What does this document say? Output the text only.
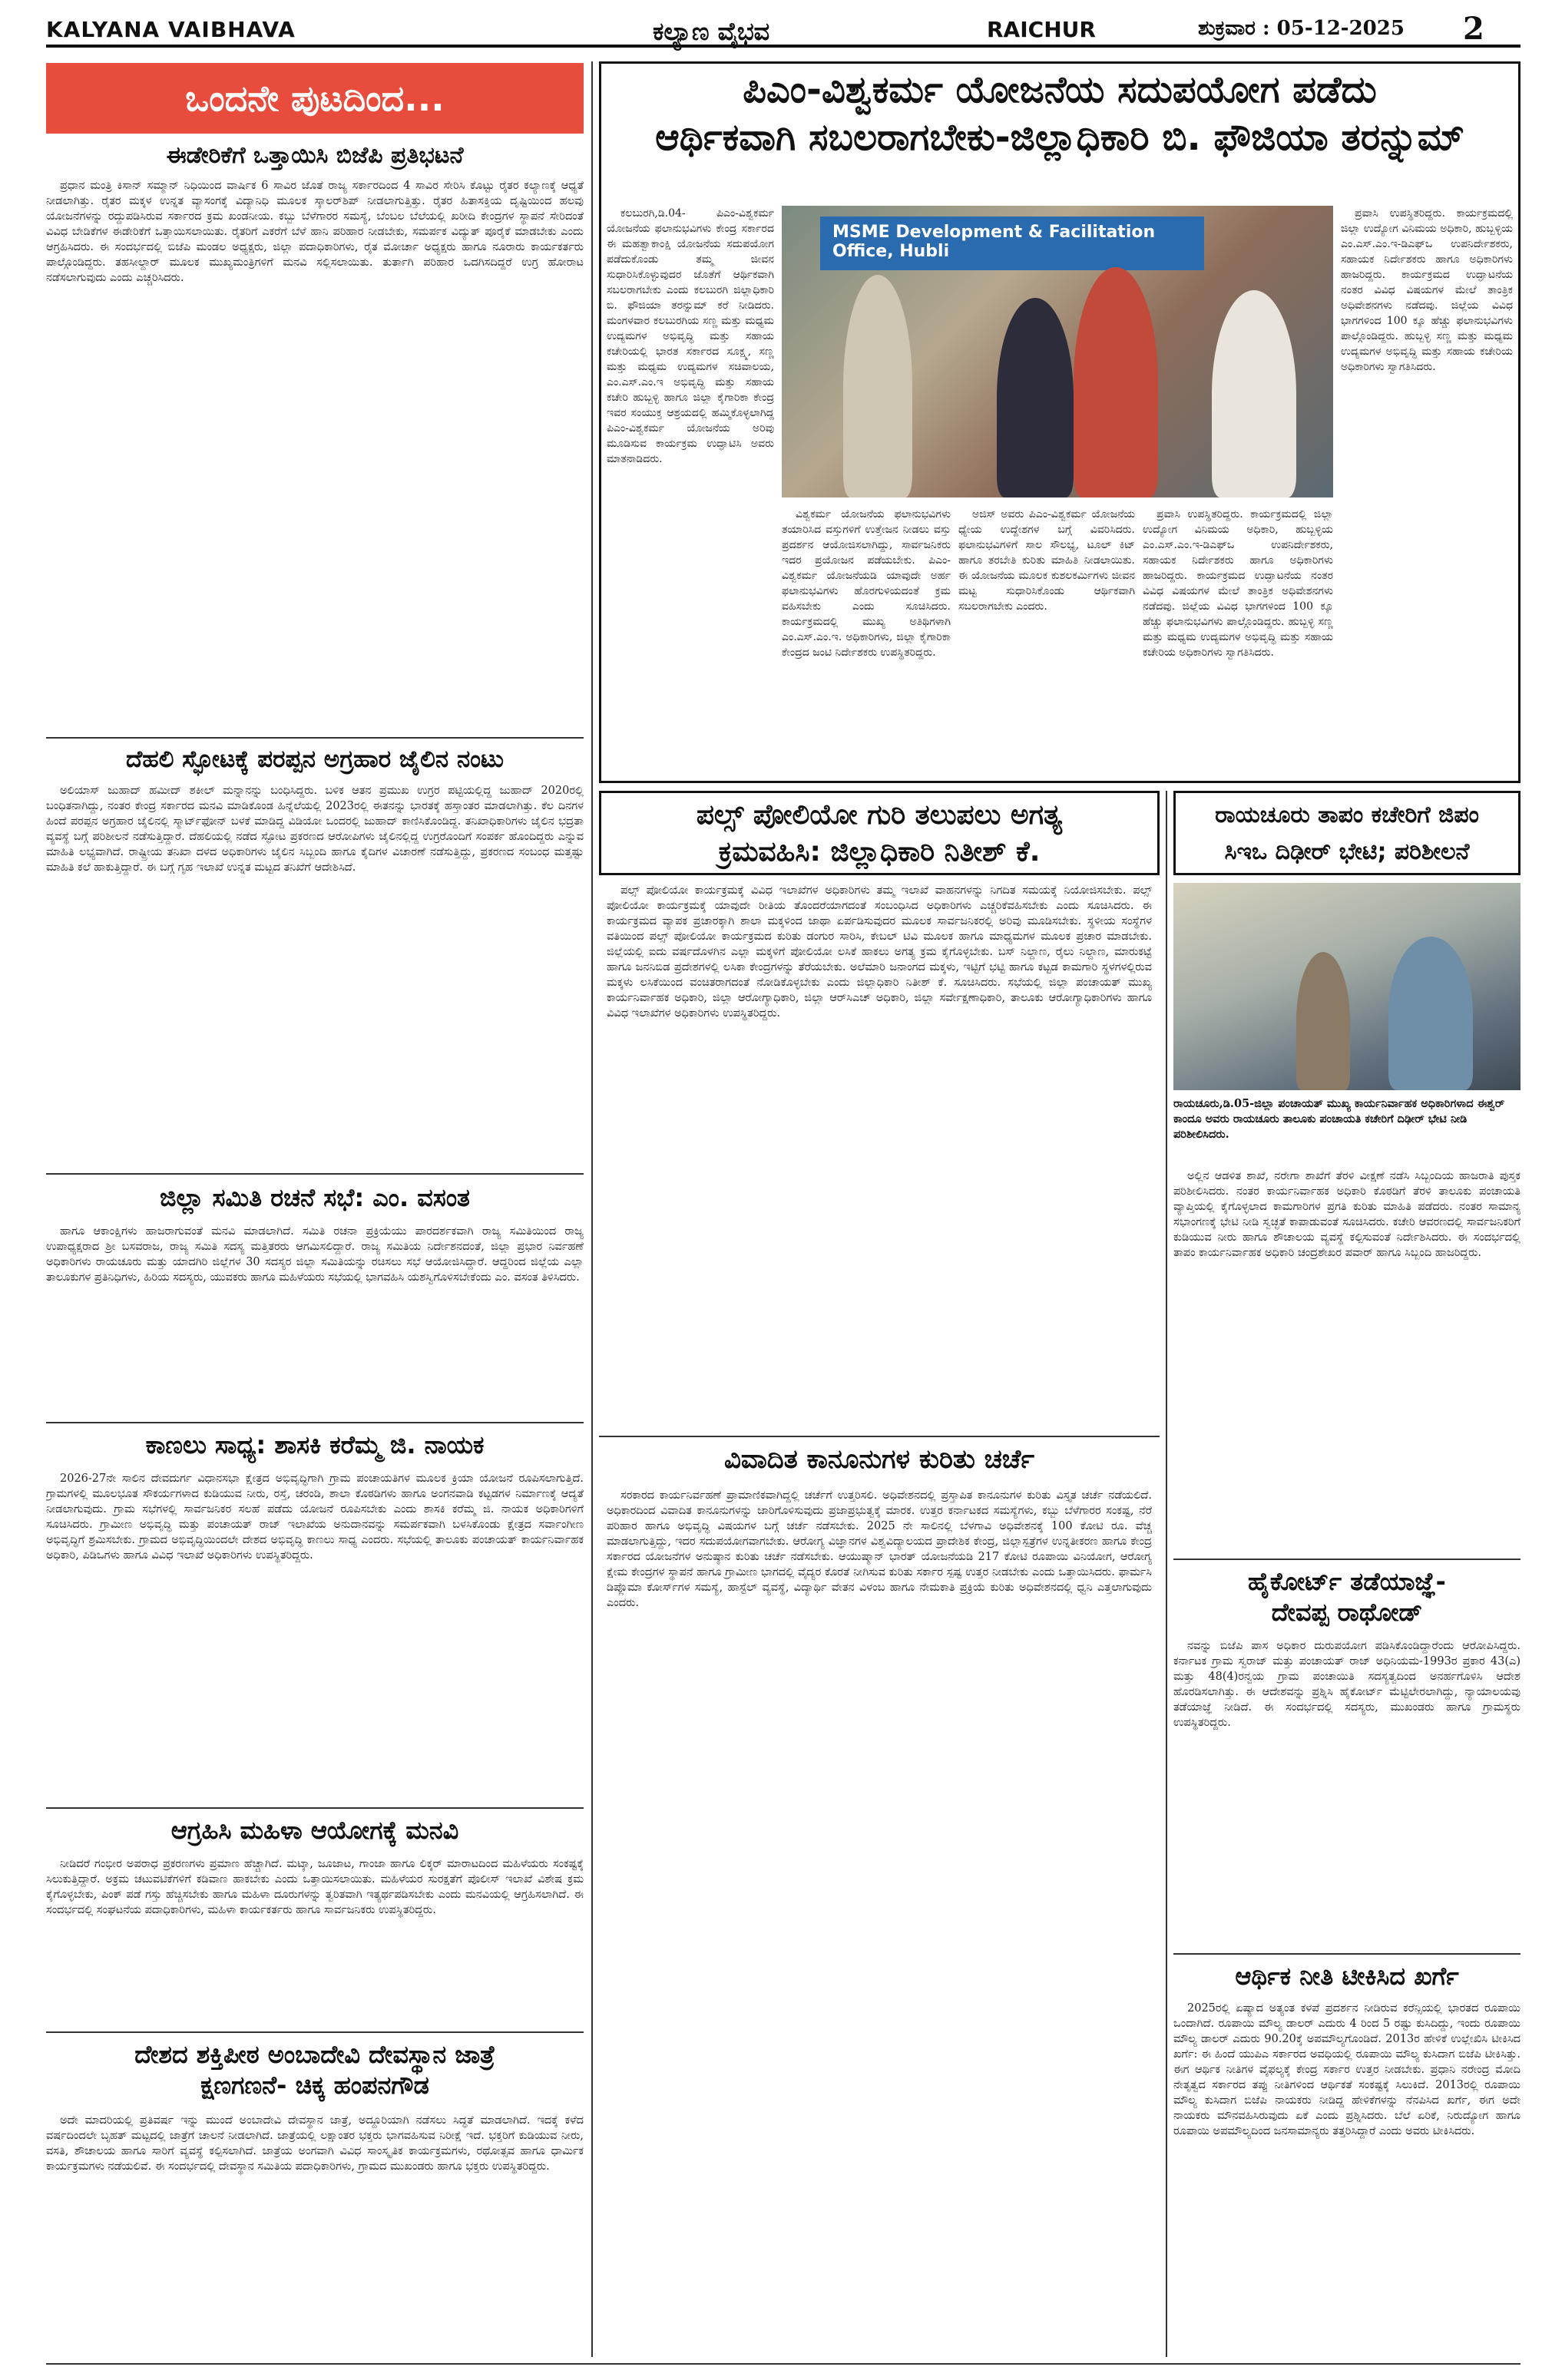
KALYANA VAIBHAVA	ಕಲ್ಯಾಣ ವೈಭವ	RAICHUR	ಶುಕ್ರವಾರ : 05-12-2025 2
ಒಂದನೇ ಪುಟದಿಂದ...
ಈಡೇರಿಕೆಗೆ ಒತ್ತಾಯಿಸಿ ಬಿಜೆಪಿ ಪ್ರತಿಭಟನೆ

ಪ್ರಧಾನ ಮಂತ್ರಿ ಕಿಸಾನ್ ಸಮ್ಮಾನ್ ನಿಧಿಯಿಂದ ವಾರ್ಷಿಕ 6 ಸಾವಿರ ಜೊತೆ ರಾಜ್ಯ ಸರ್ಕಾರದಿಂದ 4 ಸಾವಿರ ಸೇರಿಸಿ ಕೊಟ್ಟು ರೈತರ ಕಲ್ಯಾಣಕ್ಕೆ ಆಧ್ಯತೆ ನೀಡಲಾಗಿತ್ತು. ರೈತರ ಮಕ್ಕಳ ಉನ್ನತ ವ್ಯಾಸಂಗಕ್ಕೆ ವಿದ್ಯಾನಿಧಿ ಮೂಲಕ ಸ್ಕಾಲರ್‌ಶಿಪ್ ನೀಡಲಾಗುತ್ತಿತ್ತು. ರೈತರ ಹಿತಾಸಕ್ತಿಯ ದೃಷ್ಟಿಯಿಂದ ಹಲವು ಯೋಜನೆಗಳನ್ನು ರದ್ದುಪಡಿಸಿರುವ ಸರ್ಕಾರದ ಕ್ರಮ ಖಂಡನೀಯ. ಕಬ್ಬು ಬೆಳೆಗಾರರ ಸಮಸ್ಯೆ, ಬೆಂಬಲ ಬೆಲೆಯಲ್ಲಿ ಖರೀದಿ ಕೇಂದ್ರಗಳ ಸ್ಥಾಪನೆ ಸೇರಿದಂತೆ ವಿವಿಧ ಬೇಡಿಕೆಗಳ ಈಡೇರಿಕೆಗೆ ಒತ್ತಾಯಿಸಲಾಯಿತು. ರೈತರಿಗೆ ಎಕರೆಗೆ ಬೆಳೆ ಹಾನಿ ಪರಿಹಾರ ನೀಡಬೇಕು, ಸಮರ್ಪಕ ವಿದ್ಯುತ್ ಪೂರೈಕೆ ಮಾಡಬೇಕು ಎಂದು ಆಗ್ರಹಿಸಿದರು. ಈ ಸಂದರ್ಭದಲ್ಲಿ ಬಿಜೆಪಿ ಮಂಡಲ ಅಧ್ಯಕ್ಷರು, ಜಿಲ್ಲಾ ಪದಾಧಿಕಾರಿಗಳು, ರೈತ ಮೋರ್ಚಾ ಅಧ್ಯಕ್ಷರು ಹಾಗೂ ನೂರಾರು ಕಾರ್ಯಕರ್ತರು ಪಾಲ್ಗೊಂಡಿದ್ದರು. ತಹಸೀಲ್ದಾರ್ ಮೂಲಕ ಮುಖ್ಯಮಂತ್ರಿಗಳಿಗೆ ಮನವಿ ಸಲ್ಲಿಸಲಾಯಿತು. ತುರ್ತಾಗಿ ಪರಿಹಾರ ಒದಗಿಸದಿದ್ದರೆ ಉಗ್ರ ಹೋರಾಟ ನಡೆಸಲಾಗುವುದು ಎಂದು ಎಚ್ಚರಿಸಿದರು.

ದೆಹಲಿ ಸ್ಫೋಟಕ್ಕೆ ಪರಪ್ಪನ ಅಗ್ರಹಾರ ಜೈಲಿನ ನಂಟು

ಅಲಿಯಾಸ್ ಜುಹಾದ್ ಹಮೀದ್ ಶಕೀಲ್ ಮನ್ನಾನನ್ನು ಬಂಧಿಸಿದ್ದರು. ಬಳಿಕ ಆತನ ಪ್ರಮುಖ ಉಗ್ರರ ಪಟ್ಟಿಯಲ್ಲಿದ್ದ ಜುಹಾದ್ 2020ರಲ್ಲಿ ಬಂಧಿತನಾಗಿದ್ದು, ನಂತರ ಕೇಂದ್ರ ಸರ್ಕಾರದ ಮನವಿ ಮಾಡಿಕೊಂಡ ಹಿನ್ನೆಲೆಯಲ್ಲಿ 2023ರಲ್ಲಿ ಈತನನ್ನು ಭಾರತಕ್ಕೆ ಹಸ್ತಾಂತರ ಮಾಡಲಾಗಿತ್ತು. ಕೆಲ ದಿನಗಳ ಹಿಂದೆ ಪರಪ್ಪನ ಅಗ್ರಹಾರ ಜೈಲಿನಲ್ಲಿ ಸ್ಮಾರ್ಟ್‌ಫೋನ್ ಬಳಕೆ ಮಾಡಿದ್ದ ವಿಡಿಯೋ ಒಂದರಲ್ಲಿ ಜುಹಾದ್ ಕಾಣಿಸಿಕೊಂಡಿದ್ದ. ತನಿಖಾಧಿಕಾರಿಗಳು ಜೈಲಿನ ಭದ್ರತಾ ವ್ಯವಸ್ಥೆ ಬಗ್ಗೆ ಪರಿಶೀಲನೆ ನಡೆಸುತ್ತಿದ್ದಾರೆ. ದೆಹಲಿಯಲ್ಲಿ ನಡೆದ ಸ್ಫೋಟ ಪ್ರಕರಣದ ಆರೋಪಿಗಳು ಜೈಲಿನಲ್ಲಿದ್ದ ಉಗ್ರರೊಂದಿಗೆ ಸಂಪರ್ಕ ಹೊಂದಿದ್ದರು ಎನ್ನುವ ಮಾಹಿತಿ ಲಭ್ಯವಾಗಿದೆ. ರಾಷ್ಟ್ರೀಯ ತನಿಖಾ ದಳದ ಅಧಿಕಾರಿಗಳು ಜೈಲಿನ ಸಿಬ್ಬಂದಿ ಹಾಗೂ ಕೈದಿಗಳ ವಿಚಾರಣೆ ನಡೆಸುತ್ತಿದ್ದು, ಪ್ರಕರಣದ ಸಂಬಂಧ ಮತ್ತಷ್ಟು ಮಾಹಿತಿ ಕಲೆ ಹಾಕುತ್ತಿದ್ದಾರೆ. ಈ ಬಗ್ಗೆ ಗೃಹ ಇಲಾಖೆ ಉನ್ನತ ಮಟ್ಟದ ತನಿಖೆಗೆ ಆದೇಶಿಸಿದೆ.

ಜಿಲ್ಲಾ ಸಮಿತಿ ರಚನೆ ಸಭೆ: ಎಂ. ವಸಂತ

ಹಾಗೂ ಆಕಾಂಕ್ಷಿಗಳು ಹಾಜರಾಗುವಂತೆ ಮನವಿ ಮಾಡಲಾಗಿದೆ. ಸಮಿತಿ ರಚನಾ ಪ್ರಕ್ರಿಯೆಯು ಪಾರದರ್ಶಕವಾಗಿ ರಾಜ್ಯ ಸಮಿತಿಯಿಂದ ರಾಜ್ಯ ಉಪಾಧ್ಯಕ್ಷರಾದ ಶ್ರೀ ಬಸವರಾಜ, ರಾಜ್ಯ ಸಮಿತಿ ಸದಸ್ಯ ಮತ್ತಿತರರು ಆಗಮಿಸಲಿದ್ದಾರೆ. ರಾಜ್ಯ ಸಮಿತಿಯ ನಿರ್ದೇಶನದಂತೆ, ಜಿಲ್ಲಾ ಪ್ರಭಾರ ನಿರ್ವಹಣೆ ಅಧಿಕಾರಿಗಳು ರಾಯಚೂರು ಮತ್ತು ಯಾದಗಿರಿ ಜಿಲ್ಲೆಗಳ 30 ಸದಸ್ಯರ ಜಿಲ್ಲಾ ಸಮಿತಿಯನ್ನು ರಚಿಸಲು ಸಭೆ ಆಯೋಜಿಸಿದ್ದಾರೆ. ಆದ್ದರಿಂದ ಜಿಲ್ಲೆಯ ಎಲ್ಲಾ ತಾಲೂಕುಗಳ ಪ್ರತಿನಿಧಿಗಳು, ಹಿರಿಯ ಸದಸ್ಯರು, ಯುವಕರು ಹಾಗೂ ಮಹಿಳೆಯರು ಸಭೆಯಲ್ಲಿ ಭಾಗವಹಿಸಿ ಯಶಸ್ವಿಗೊಳಿಸಬೇಕೆಂದು ಎಂ. ವಸಂತ ತಿಳಿಸಿದರು.

ಕಾಣಲು ಸಾಧ್ಯ: ಶಾಸಕಿ ಕರೆಮ್ಮ ಜಿ. ನಾಯಕ

2026-27ನೇ ಸಾಲಿನ ದೇವದುರ್ಗ ವಿಧಾನಸಭಾ ಕ್ಷೇತ್ರದ ಅಭಿವೃದ್ಧಿಗಾಗಿ ಗ್ರಾಮ ಪಂಚಾಯತಿಗಳ ಮೂಲಕ ಕ್ರಿಯಾ ಯೋಜನೆ ರೂಪಿಸಲಾಗುತ್ತಿದೆ. ಗ್ರಾಮಗಳಲ್ಲಿ ಮೂಲಭೂತ ಸೌಕರ್ಯಗಳಾದ ಕುಡಿಯುವ ನೀರು, ರಸ್ತೆ, ಚರಂಡಿ, ಶಾಲಾ ಕೊಠಡಿಗಳು ಹಾಗೂ ಅಂಗನವಾಡಿ ಕಟ್ಟಡಗಳ ನಿರ್ಮಾಣಕ್ಕೆ ಆದ್ಯತೆ ನೀಡಲಾಗುವುದು. ಗ್ರಾಮ ಸಭೆಗಳಲ್ಲಿ ಸಾರ್ವಜನಿಕರ ಸಲಹೆ ಪಡೆದು ಯೋಜನೆ ರೂಪಿಸಬೇಕು ಎಂದು ಶಾಸಕಿ ಕರೆಮ್ಮ ಜಿ. ನಾಯಕ ಅಧಿಕಾರಿಗಳಿಗೆ ಸೂಚಿಸಿದರು. ಗ್ರಾಮೀಣ ಅಭಿವೃದ್ಧಿ ಮತ್ತು ಪಂಚಾಯತ್ ರಾಜ್ ಇಲಾಖೆಯ ಅನುದಾನವನ್ನು ಸಮರ್ಪಕವಾಗಿ ಬಳಸಿಕೊಂಡು ಕ್ಷೇತ್ರದ ಸರ್ವಾಂಗೀಣ ಅಭಿವೃದ್ಧಿಗೆ ಶ್ರಮಿಸಬೇಕು. ಗ್ರಾಮದ ಅಭಿವೃದ್ಧಿಯಿಂದಲೇ ದೇಶದ ಅಭಿವೃದ್ಧಿ ಕಾಣಲು ಸಾಧ್ಯ ಎಂದರು. ಸಭೆಯಲ್ಲಿ ತಾಲೂಕು ಪಂಚಾಯತ್ ಕಾರ್ಯನಿರ್ವಾಹಕ ಅಧಿಕಾರಿ, ಪಿಡಿಒಗಳು ಹಾಗೂ ವಿವಿಧ ಇಲಾಖೆ ಅಧಿಕಾರಿಗಳು ಉಪಸ್ಥಿತರಿದ್ದರು.

ಆಗ್ರಹಿಸಿ ಮಹಿಳಾ ಆಯೋಗಕ್ಕೆ ಮನವಿ

ನೀಡಿದರೆ ಗಂಭೀರ ಅಪರಾಧ ಪ್ರಕರಣಗಳು ಪ್ರಮಾಣ ಹೆಚ್ಚಾಗಿದೆ. ಮಟ್ಕಾ, ಜೂಜಾಟ, ಗಾಂಜಾ ಹಾಗೂ ಲಿಕ್ಕರ್ ಮಾರಾಟದಿಂದ ಮಹಿಳೆಯರು ಸಂಕಷ್ಟಕ್ಕೆ ಸಿಲುಕುತ್ತಿದ್ದಾರೆ. ಅಕ್ರಮ ಚಟುವಟಿಕೆಗಳಿಗೆ ಕಡಿವಾಣ ಹಾಕಬೇಕು ಎಂದು ಒತ್ತಾಯಿಸಲಾಯಿತು. ಮಹಿಳೆಯರ ಸುರಕ್ಷತೆಗೆ ಪೊಲೀಸ್ ಇಲಾಖೆ ವಿಶೇಷ ಕ್ರಮ ಕೈಗೊಳ್ಳಬೇಕು, ಪಿಂಕ್ ಪಡೆ ಗಸ್ತು ಹೆಚ್ಚಿಸಬೇಕು ಹಾಗೂ ಮಹಿಳಾ ದೂರುಗಳನ್ನು ತ್ವರಿತವಾಗಿ ಇತ್ಯರ್ಥಪಡಿಸಬೇಕು ಎಂದು ಮನವಿಯಲ್ಲಿ ಆಗ್ರಹಿಸಲಾಗಿದೆ. ಈ ಸಂದರ್ಭದಲ್ಲಿ ಸಂಘಟನೆಯ ಪದಾಧಿಕಾರಿಗಳು, ಮಹಿಳಾ ಕಾರ್ಯಕರ್ತರು ಹಾಗೂ ಸಾರ್ವಜನಿಕರು ಉಪಸ್ಥಿತರಿದ್ದರು.

ದೇಶದ ಶಕ್ತಿಪೀಠ ಅಂಬಾದೇವಿ ದೇವಸ್ಥಾನ ಜಾತ್ರೆ
ಕ್ಷಣಗಣನೆ- ಚಿಕ್ಕ ಹಂಪನಗೌಡ

ಅದೇ ಮಾದರಿಯಲ್ಲಿ ಪ್ರತಿವರ್ಷ ಇನ್ನು ಮುಂದೆ ಅಂಬಾದೇವಿ ದೇವಸ್ಥಾನ ಜಾತ್ರೆ, ಅದ್ದೂರಿಯಾಗಿ ನಡೆಸಲು ಸಿದ್ಧತೆ ಮಾಡಲಾಗಿದೆ. ಇದಕ್ಕೆ ಕಳೆದ ವರ್ಷದಿಂದಲೇ ಬೃಹತ್ ಮಟ್ಟದಲ್ಲಿ ಜಾತ್ರೆಗೆ ಚಾಲನೆ ನೀಡಲಾಗಿದೆ. ಜಾತ್ರೆಯಲ್ಲಿ ಲಕ್ಷಾಂತರ ಭಕ್ತರು ಭಾಗವಹಿಸುವ ನಿರೀಕ್ಷೆ ಇದೆ. ಭಕ್ತರಿಗೆ ಕುಡಿಯುವ ನೀರು, ವಸತಿ, ಶೌಚಾಲಯ ಹಾಗೂ ಸಾರಿಗೆ ವ್ಯವಸ್ಥೆ ಕಲ್ಪಿಸಲಾಗಿದೆ. ಜಾತ್ರೆಯ ಅಂಗವಾಗಿ ವಿವಿಧ ಸಾಂಸ್ಕೃತಿಕ ಕಾರ್ಯಕ್ರಮಗಳು, ರಥೋತ್ಸವ ಹಾಗೂ ಧಾರ್ಮಿಕ ಕಾರ್ಯಕ್ರಮಗಳು ನಡೆಯಲಿವೆ. ಈ ಸಂದರ್ಭದಲ್ಲಿ ದೇವಸ್ಥಾನ ಸಮಿತಿಯ ಪದಾಧಿಕಾರಿಗಳು, ಗ್ರಾಮದ ಮುಖಂಡರು ಹಾಗೂ ಭಕ್ತರು ಉಪಸ್ಥಿತರಿದ್ದರು.

ಪಿಎಂ-ವಿಶ್ವಕರ್ಮ ಯೋಜನೆಯ ಸದುಪಯೋಗ ಪಡೆದು
ಆರ್ಥಿಕವಾಗಿ ಸಬಲರಾಗಬೇಕು-ಜಿಲ್ಲಾಧಿಕಾರಿ ಬಿ. ಫೌಜಿಯಾ ತರನ್ನುಮ್
MSME Development & Facilitation Office, Hubli

ಕಲಬುರಗಿ,ಡಿ.04- ಪಿಎಂ-ವಿಶ್ವಕರ್ಮ ಯೋಜನೆಯ ಫಲಾನುಭವಿಗಳು ಕೇಂದ್ರ ಸರ್ಕಾರದ ಈ ಮಹತ್ವಾಕಾಂಕ್ಷಿ ಯೋಜನೆಯ ಸದುಪಯೋಗ ಪಡೆದುಕೊಂಡು ತಮ್ಮ ಜೀವನ ಸುಧಾರಿಸಿಕೊಳ್ಳುವುದರ ಜೊತೆಗೆ ಆರ್ಥಿಕವಾಗಿ ಸಬಲರಾಗಬೇಕು ಎಂದು ಕಲಬುರಗಿ ಜಿಲ್ಲಾಧಿಕಾರಿ ಬಿ. ಫೌಜಿಯಾ ತರನ್ನುಮ್ ಕರೆ ನೀಡಿದರು. ಮಂಗಳವಾರ ಕಲಬುರಗಿಯ ಸಣ್ಣ ಮತ್ತು ಮಧ್ಯಮ ಉದ್ಯಮಗಳ ಅಭಿವೃದ್ಧಿ ಮತ್ತು ಸಹಾಯ ಕಚೇರಿಯಲ್ಲಿ ಭಾರತ ಸರ್ಕಾರದ ಸೂಕ್ಷ್ಮ, ಸಣ್ಣ ಮತ್ತು ಮಧ್ಯಮ ಉದ್ಯಮಗಳ ಸಚಿವಾಲಯ, ಎಂ.ಎಸ್.ಎಂ.ಇ ಅಭಿವೃದ್ಧಿ ಮತ್ತು ಸಹಾಯ ಕಚೇರಿ ಹುಬ್ಬಳ್ಳಿ ಹಾಗೂ ಜಿಲ್ಲಾ ಕೈಗಾರಿಕಾ ಕೇಂದ್ರ ಇವರ ಸಂಯುಕ್ತ ಆಶ್ರಯದಲ್ಲಿ ಹಮ್ಮಿಕೊಳ್ಳಲಾಗಿದ್ದ ಪಿಎಂ-ವಿಶ್ವಕರ್ಮ ಯೋಜನೆಯ ಅರಿವು ಮೂಡಿಸುವ ಕಾರ್ಯಕ್ರಮ ಉದ್ಘಾಟಿಸಿ ಅವರು ಮಾತನಾಡಿದರು.

ವಿಶ್ವಕರ್ಮ ಯೋಜನೆಯ ಫಲಾನುಭವಿಗಳು ತಯಾರಿಸಿದ ವಸ್ತುಗಳಿಗೆ ಉತ್ತೇಜನ ನೀಡಲು ವಸ್ತು ಪ್ರದರ್ಶನ ಆಯೋಜಿಸಲಾಗಿದ್ದು, ಸಾರ್ವಜನಿಕರು ಇದರ ಪ್ರಯೋಜನ ಪಡೆಯಬೇಕು. ಪಿಎಂ-ವಿಶ್ವಕರ್ಮ ಯೋಜನೆಯಡಿ ಯಾವುದೇ ಅರ್ಹ ಫಲಾನುಭವಿಗಳು ಹೊರಗುಳಿಯದಂತೆ ಕ್ರಮ ವಹಿಸಬೇಕು ಎಂದು ಸೂಚಿಸಿದರು. ಕಾರ್ಯಕ್ರಮದಲ್ಲಿ ಮುಖ್ಯ ಅತಿಥಿಗಳಾಗಿ ಎಂ.ಎಸ್.ಎಂ.ಇ. ಅಧಿಕಾರಿಗಳು, ಜಿಲ್ಲಾ ಕೈಗಾರಿಕಾ ಕೇಂದ್ರದ ಜಂಟಿ ನಿರ್ದೇಶಕರು ಉಪಸ್ಥಿತರಿದ್ದರು.

ಅಜಿಸ್ ಅವರು ಪಿಎಂ-ವಿಶ್ವಕರ್ಮ ಯೋಜನೆಯ ಧ್ಯೇಯ ಉದ್ದೇಶಗಳ ಬಗ್ಗೆ ವಿವರಿಸಿದರು. ಫಲಾನುಭವಿಗಳಿಗೆ ಸಾಲ ಸೌಲಭ್ಯ, ಟೂಲ್ ಕಿಟ್ ಹಾಗೂ ತರಬೇತಿ ಕುರಿತು ಮಾಹಿತಿ ನೀಡಲಾಯಿತು. ಈ ಯೋಜನೆಯ ಮೂಲಕ ಕುಶಲಕರ್ಮಿಗಳು ಜೀವನ ಮಟ್ಟ ಸುಧಾರಿಸಿಕೊಂಡು ಆರ್ಥಿಕವಾಗಿ ಸಬಲರಾಗಬೇಕು ಎಂದರು.

ಪ್ರವಾಸಿ ಉಪಸ್ಥಿತರಿದ್ದರು. ಕಾರ್ಯಕ್ರಮದಲ್ಲಿ ಜಿಲ್ಲಾ ಉದ್ಯೋಗ ವಿನಿಮಯ ಅಧಿಕಾರಿ, ಹುಬ್ಬಳ್ಳಿಯ ಎಂ.ಎಸ್.ಎಂ.ಇ-ಡಿಎಫ್‌ಒ ಉಪನಿರ್ದೇಶಕರು, ಸಹಾಯಕ ನಿರ್ದೇಶಕರು ಹಾಗೂ ಅಧಿಕಾರಿಗಳು ಹಾಜರಿದ್ದರು. ಕಾರ್ಯಕ್ರಮದ ಉದ್ಘಾಟನೆಯ ನಂತರ ವಿವಿಧ ವಿಷಯಗಳ ಮೇಲೆ ತಾಂತ್ರಿಕ ಅಧಿವೇಶನಗಳು ನಡೆದವು. ಜಿಲ್ಲೆಯ ವಿವಿಧ ಭಾಗಗಳಿಂದ 100 ಕ್ಕೂ ಹೆಚ್ಚು ಫಲಾನುಭವಿಗಳು ಪಾಲ್ಗೊಂಡಿದ್ದರು. ಹುಬ್ಬಳ್ಳಿ ಸಣ್ಣ ಮತ್ತು ಮಧ್ಯಮ ಉದ್ಯಮಗಳ ಅಭಿವೃದ್ಧಿ ಮತ್ತು ಸಹಾಯ ಕಚೇರಿಯ ಅಧಿಕಾರಿಗಳು ಸ್ವಾಗತಿಸಿದರು.

ಪ್ರವಾಸಿ ಉಪಸ್ಥಿತರಿದ್ದರು. ಕಾರ್ಯಕ್ರಮದಲ್ಲಿ ಜಿಲ್ಲಾ ಉದ್ಯೋಗ ವಿನಿಮಯ ಅಧಿಕಾರಿ, ಹುಬ್ಬಳ್ಳಿಯ ಎಂ.ಎಸ್.ಎಂ.ಇ-ಡಿಎಫ್‌ಒ ಉಪನಿರ್ದೇಶಕರು, ಸಹಾಯಕ ನಿರ್ದೇಶಕರು ಹಾಗೂ ಅಧಿಕಾರಿಗಳು ಹಾಜರಿದ್ದರು. ಕಾರ್ಯಕ್ರಮದ ಉದ್ಘಾಟನೆಯ ನಂತರ ವಿವಿಧ ವಿಷಯಗಳ ಮೇಲೆ ತಾಂತ್ರಿಕ ಅಧಿವೇಶನಗಳು ನಡೆದವು. ಜಿಲ್ಲೆಯ ವಿವಿಧ ಭಾಗಗಳಿಂದ 100 ಕ್ಕೂ ಹೆಚ್ಚು ಫಲಾನುಭವಿಗಳು ಪಾಲ್ಗೊಂಡಿದ್ದರು. ಹುಬ್ಬಳ್ಳಿ ಸಣ್ಣ ಮತ್ತು ಮಧ್ಯಮ ಉದ್ಯಮಗಳ ಅಭಿವೃದ್ಧಿ ಮತ್ತು ಸಹಾಯ ಕಚೇರಿಯ ಅಧಿಕಾರಿಗಳು ಸ್ವಾಗತಿಸಿದರು.

ಪಲ್ಸ್ ಪೋಲಿಯೋ ಗುರಿ ತಲುಪಲು ಅಗತ್ಯ
ಕ್ರಮವಹಿಸಿ: ಜಿಲ್ಲಾಧಿಕಾರಿ ನಿತೀಶ್ ಕೆ.

ಪಲ್ಸ್ ಪೋಲಿಯೋ ಕಾರ್ಯಕ್ರಮಕ್ಕೆ ವಿವಿಧ ಇಲಾಖೆಗಳ ಅಧಿಕಾರಿಗಳು ತಮ್ಮ ಇಲಾಖೆ ವಾಹನಗಳನ್ನು ನಿಗದಿತ ಸಮಯಕ್ಕೆ ನಿಯೋಜಿಸಬೇಕು. ಪಲ್ಸ್ ಪೋಲಿಯೋ ಕಾರ್ಯಕ್ರಮಕ್ಕೆ ಯಾವುದೇ ರೀತಿಯ ತೊಂದರೆಯಾಗದಂತೆ ಸಂಬಂಧಿಸಿದ ಅಧಿಕಾರಿಗಳು ಎಚ್ಚರಿಕೆವಹಿಸಬೇಕು ಎಂದು ಸೂಚಿಸಿದರು. ಈ ಕಾರ್ಯಕ್ರಮದ ವ್ಯಾಪಕ ಪ್ರಚಾರಕ್ಕಾಗಿ ಶಾಲಾ ಮಕ್ಕಳಿಂದ ಜಾಥಾ ಏರ್ಪಡಿಸುವುದರ ಮೂಲಕ ಸಾರ್ವಜನಿಕರಲ್ಲಿ ಅರಿವು ಮೂಡಿಸಬೇಕು. ಸ್ಥಳೀಯ ಸಂಸ್ಥೆಗಳ ವತಿಯಿಂದ ಪಲ್ಸ್ ಪೋಲಿಯೋ ಕಾರ್ಯಕ್ರಮದ ಕುರಿತು ಡಂಗುರ ಸಾರಿಸಿ, ಕೇಬಲ್ ಟಿವಿ ಮೂಲಕ ಹಾಗೂ ಮಾಧ್ಯಮಗಳ ಮೂಲಕ ಪ್ರಚಾರ ಮಾಡಬೇಕು. ಜಿಲ್ಲೆಯಲ್ಲಿ ಐದು ವರ್ಷದೊಳಗಿನ ಎಲ್ಲಾ ಮಕ್ಕಳಿಗೆ ಪೋಲಿಯೋ ಲಸಿಕೆ ಹಾಕಲು ಅಗತ್ಯ ಕ್ರಮ ಕೈಗೊಳ್ಳಬೇಕು. ಬಸ್ ನಿಲ್ದಾಣ, ರೈಲು ನಿಲ್ದಾಣ, ಮಾರುಕಟ್ಟೆ ಹಾಗೂ ಜನನಿಬಿಡ ಪ್ರದೇಶಗಳಲ್ಲಿ ಲಸಿಕಾ ಕೇಂದ್ರಗಳನ್ನು ತೆರೆಯಬೇಕು. ಅಲೆಮಾರಿ ಜನಾಂಗದ ಮಕ್ಕಳು, ಇಟ್ಟಿಗೆ ಭಟ್ಟಿ ಹಾಗೂ ಕಟ್ಟಡ ಕಾಮಗಾರಿ ಸ್ಥಳಗಳಲ್ಲಿರುವ ಮಕ್ಕಳು ಲಸಿಕೆಯಿಂದ ವಂಚಿತರಾಗದಂತೆ ನೋಡಿಕೊಳ್ಳಬೇಕು ಎಂದು ಜಿಲ್ಲಾಧಿಕಾರಿ ನಿತೀಶ್ ಕೆ. ಸೂಚಿಸಿದರು. ಸಭೆಯಲ್ಲಿ ಜಿಲ್ಲಾ ಪಂಚಾಯತ್ ಮುಖ್ಯ ಕಾರ್ಯನಿರ್ವಾಹಕ ಅಧಿಕಾರಿ, ಜಿಲ್ಲಾ ಆರೋಗ್ಯಾಧಿಕಾರಿ, ಜಿಲ್ಲಾ ಆರ್‌ಸಿಎಚ್ ಅಧಿಕಾರಿ, ಜಿಲ್ಲಾ ಸರ್ವೇಕ್ಷಣಾಧಿಕಾರಿ, ತಾಲೂಕು ಆರೋಗ್ಯಾಧಿಕಾರಿಗಳು ಹಾಗೂ ವಿವಿಧ ಇಲಾಖೆಗಳ ಅಧಿಕಾರಿಗಳು ಉಪಸ್ಥಿತರಿದ್ದರು.

ವಿವಾದಿತ ಕಾನೂನುಗಳ ಕುರಿತು ಚರ್ಚೆ

ಸರಕಾರದ ಕಾರ್ಯನಿರ್ವಹಣೆ ಪ್ರಾಮಾಣಿಕವಾಗಿದ್ದಲ್ಲಿ ಚರ್ಚೆಗೆ ಉತ್ತರಿಸಲಿ. ಅಧಿವೇಶನದಲ್ಲಿ ಪ್ರಸ್ತಾಪಿತ ಕಾನೂನುಗಳ ಕುರಿತು ವಿಸ್ತೃತ ಚರ್ಚೆ ನಡೆಯಲಿದೆ. ಅಧಿಕಾರದಿಂದ ವಿವಾದಿತ ಕಾನೂನುಗಳನ್ನು ಜಾರಿಗೊಳಿಸುವುದು ಪ್ರಜಾಪ್ರಭುತ್ವಕ್ಕೆ ಮಾರಕ. ಉತ್ತರ ಕರ್ನಾಟಕದ ಸಮಸ್ಯೆಗಳು, ಕಬ್ಬು ಬೆಳೆಗಾರರ ಸಂಕಷ್ಟ, ನೆರೆ ಪರಿಹಾರ ಹಾಗೂ ಅಭಿವೃದ್ಧಿ ವಿಷಯಗಳ ಬಗ್ಗೆ ಚರ್ಚೆ ನಡೆಸಬೇಕು. 2025 ನೇ ಸಾಲಿನಲ್ಲಿ ಬೆಳಗಾವಿ ಅಧಿವೇಶನಕ್ಕೆ 100 ಕೋಟಿ ರೂ. ವೆಚ್ಚ ಮಾಡಲಾಗುತ್ತಿದ್ದು, ಇದರ ಸದುಪಯೋಗವಾಗಬೇಕು. ಆರೋಗ್ಯ ವಿಜ್ಞಾನಗಳ ವಿಶ್ವವಿದ್ಯಾಲಯದ ಪ್ರಾದೇಶಿಕ ಕೇಂದ್ರ, ಜಿಲ್ಲಾಸ್ಪತ್ರೆಗಳ ಉನ್ನತೀಕರಣ ಹಾಗೂ ಕೇಂದ್ರ ಸರ್ಕಾರದ ಯೋಜನೆಗಳ ಅನುಷ್ಠಾನ ಕುರಿತು ಚರ್ಚೆ ನಡೆಸಬೇಕು. ಆಯುಷ್ಮಾನ್ ಭಾರತ್ ಯೋಜನೆಯಡಿ 217 ಕೋಟಿ ರೂಪಾಯಿ ವಿನಿಯೋಗ, ಆರೋಗ್ಯ ಕ್ಷೇಮ ಕೇಂದ್ರಗಳ ಸ್ಥಾಪನೆ ಹಾಗೂ ಗ್ರಾಮೀಣ ಭಾಗದಲ್ಲಿ ವೈದ್ಯರ ಕೊರತೆ ನೀಗಿಸುವ ಕುರಿತು ಸರ್ಕಾರ ಸ್ಪಷ್ಟ ಉತ್ತರ ನೀಡಬೇಕು ಎಂದು ಒತ್ತಾಯಿಸಿದರು. ಫಾರ್ಮಸಿ ಡಿಪ್ಲೊಮಾ ಕೋರ್ಸ್‌ಗಳ ಸಮಸ್ಯೆ, ಹಾಸ್ಟೆಲ್ ವ್ಯವಸ್ಥೆ, ವಿದ್ಯಾರ್ಥಿ ವೇತನ ವಿಳಂಬ ಹಾಗೂ ನೇಮಕಾತಿ ಪ್ರಕ್ರಿಯೆ ಕುರಿತು ಅಧಿವೇಶನದಲ್ಲಿ ಧ್ವನಿ ಎತ್ತಲಾಗುವುದು ಎಂದರು.

ರಾಯಚೂರು ತಾಪಂ ಕಚೇರಿಗೆ ಜಿಪಂ
ಸಿಇಒ ದಿಢೀರ್ ಭೇಟಿ; ಪರಿಶೀಲನೆ
ರಾಯಚೂರು,ಡಿ.05-ಜಿಲ್ಲಾ ಪಂಚಾಯತ್ ಮುಖ್ಯ ಕಾರ್ಯನಿರ್ವಾಹಕ ಅಧಿಕಾರಿಗಳಾದ ಈಶ್ವರ್ ಕಾಂದೂ ಅವರು ರಾಯಚೂರು ತಾಲೂಕು ಪಂಚಾಯತಿ ಕಚೇರಿಗೆ ದಿಢೀರ್ ಭೇಟಿ ನೀಡಿ ಪರಿಶೀಲಿಸಿದರು.

ಅಲ್ಲಿನ ಆಡಳಿತ ಶಾಖೆ, ನರೇಗಾ ಶಾಖೆಗೆ ತೆರಳಿ ವೀಕ್ಷಣೆ ನಡೆಸಿ ಸಿಬ್ಬಂದಿಯ ಹಾಜರಾತಿ ಪುಸ್ತಕ ಪರಿಶೀಲಿಸಿದರು. ನಂತರ ಕಾರ್ಯನಿರ್ವಾಹಕ ಅಧಿಕಾರಿ ಕೊಠಡಿಗೆ ತೆರಳಿ ತಾಲೂಕು ಪಂಚಾಯತಿ ವ್ಯಾಪ್ತಿಯಲ್ಲಿ ಕೈಗೊಳ್ಳಲಾದ ಕಾಮಗಾರಿಗಳ ಪ್ರಗತಿ ಕುರಿತು ಮಾಹಿತಿ ಪಡೆದರು. ನಂತರ ಸಾಮಾನ್ಯ ಸಭಾಂಗಣಕ್ಕೆ ಭೇಟಿ ನೀಡಿ ಸ್ವಚ್ಛತೆ ಕಾಪಾಡುವಂತೆ ಸೂಚಿಸಿದರು. ಕಚೇರಿ ಆವರಣದಲ್ಲಿ ಸಾರ್ವಜನಿಕರಿಗೆ ಕುಡಿಯುವ ನೀರು ಹಾಗೂ ಶೌಚಾಲಯ ವ್ಯವಸ್ಥೆ ಕಲ್ಪಿಸುವಂತೆ ನಿರ್ದೇಶಿಸಿದರು. ಈ ಸಂದರ್ಭದಲ್ಲಿ ತಾಪಂ ಕಾರ್ಯನಿರ್ವಾಹಕ ಅಧಿಕಾರಿ ಚಂದ್ರಶೇಖರ ಪವಾರ್ ಹಾಗೂ ಸಿಬ್ಬಂದಿ ಹಾಜರಿದ್ದರು.

ಹೈಕೋರ್ಟ್ ತಡೆಯಾಜ್ಞೆ-
ದೇವಪ್ಪ ರಾಥೋಡ್

ನವನ್ನು ಬಿಜೆಪಿ ಪಾಸ ಅಧಿಕಾರ ದುರುಪಯೋಗ ಪಡಿಸಿಕೊಂಡಿದ್ದಾರೆಂದು ಆರೋಪಿಸಿದ್ದರು. ಕರ್ನಾಟಕ ಗ್ರಾಮ ಸ್ವರಾಜ್ ಮತ್ತು ಪಂಚಾಯತ್ ರಾಜ್ ಅಧಿನಿಯಮ-1993ರ ಪ್ರಕಾರ 43(ಎ) ಮತ್ತು 48(4)ರನ್ವಯ ಗ್ರಾಮ ಪಂಚಾಯಿತಿ ಸದಸ್ಯತ್ವದಿಂದ ಅನರ್ಹಗೊಳಿಸಿ ಆದೇಶ ಹೊರಡಿಸಲಾಗಿತ್ತು. ಈ ಆದೇಶವನ್ನು ಪ್ರಶ್ನಿಸಿ ಹೈಕೋರ್ಟ್ ಮೆಟ್ಟಿಲೇರಲಾಗಿದ್ದು, ನ್ಯಾಯಾಲಯವು ತಡೆಯಾಜ್ಞೆ ನೀಡಿದೆ. ಈ ಸಂದರ್ಭದಲ್ಲಿ ಸದಸ್ಯರು, ಮುಖಂಡರು ಹಾಗೂ ಗ್ರಾಮಸ್ಥರು ಉಪಸ್ಥಿತರಿದ್ದರು.

ಆರ್ಥಿಕ ನೀತಿ ಟೀಕಿಸಿದ ಖರ್ಗೆ

2025ರಲ್ಲಿ ಏಷ್ಯಾದ ಅತ್ಯಂತ ಕಳಪೆ ಪ್ರದರ್ಶನ ನೀಡಿರುವ ಕರೆನ್ಸಿಯಲ್ಲಿ ಭಾರತದ ರೂಪಾಯಿ ಒಂದಾಗಿದೆ. ರೂಪಾಯಿ ಮೌಲ್ಯ ಡಾಲರ್ ಎದುರು 4 ರಿಂದ 5 ರಷ್ಟು ಕುಸಿದಿದ್ದು, ಇಂದು ರೂಪಾಯಿ ಮೌಲ್ಯ ಡಾಲರ್ ಎದುರು 90.20ಕ್ಕೆ ಅಪಮೌಲ್ಯಗೊಂಡಿದೆ. 2013ರ ಹೇಳಿಕೆ ಉಲ್ಲೇಖಿಸಿ ಟೀಕಿಸಿದ ಖರ್ಗೆ: ಈ ಹಿಂದೆ ಯುಪಿಎ ಸರ್ಕಾರದ ಅವಧಿಯಲ್ಲಿ ರೂಪಾಯಿ ಮೌಲ್ಯ ಕುಸಿದಾಗ ಬಿಜೆಪಿ ಟೀಕಿಸಿತ್ತು. ಈಗ ಆರ್ಥಿಕ ನೀತಿಗಳ ವೈಫಲ್ಯಕ್ಕೆ ಕೇಂದ್ರ ಸರ್ಕಾರ ಉತ್ತರ ನೀಡಬೇಕು. ಪ್ರಧಾನಿ ನರೇಂದ್ರ ಮೋದಿ ನೇತೃತ್ವದ ಸರ್ಕಾರದ ತಪ್ಪು ನೀತಿಗಳಿಂದ ಆರ್ಥಿಕತೆ ಸಂಕಷ್ಟಕ್ಕೆ ಸಿಲುಕಿದೆ. 2013ರಲ್ಲಿ ರೂಪಾಯಿ ಮೌಲ್ಯ ಕುಸಿದಾಗ ಬಿಜೆಪಿ ನಾಯಕರು ನೀಡಿದ್ದ ಹೇಳಿಕೆಗಳನ್ನು ನೆನಪಿಸಿದ ಖರ್ಗೆ, ಈಗ ಅದೇ ನಾಯಕರು ಮೌನವಹಿಸಿರುವುದು ಏಕೆ ಎಂದು ಪ್ರಶ್ನಿಸಿದರು. ಬೆಲೆ ಏರಿಕೆ, ನಿರುದ್ಯೋಗ ಹಾಗೂ ರೂಪಾಯಿ ಅಪಮೌಲ್ಯದಿಂದ ಜನಸಾಮಾನ್ಯರು ತತ್ತರಿಸಿದ್ದಾರೆ ಎಂದು ಅವರು ಟೀಕಿಸಿದರು.
